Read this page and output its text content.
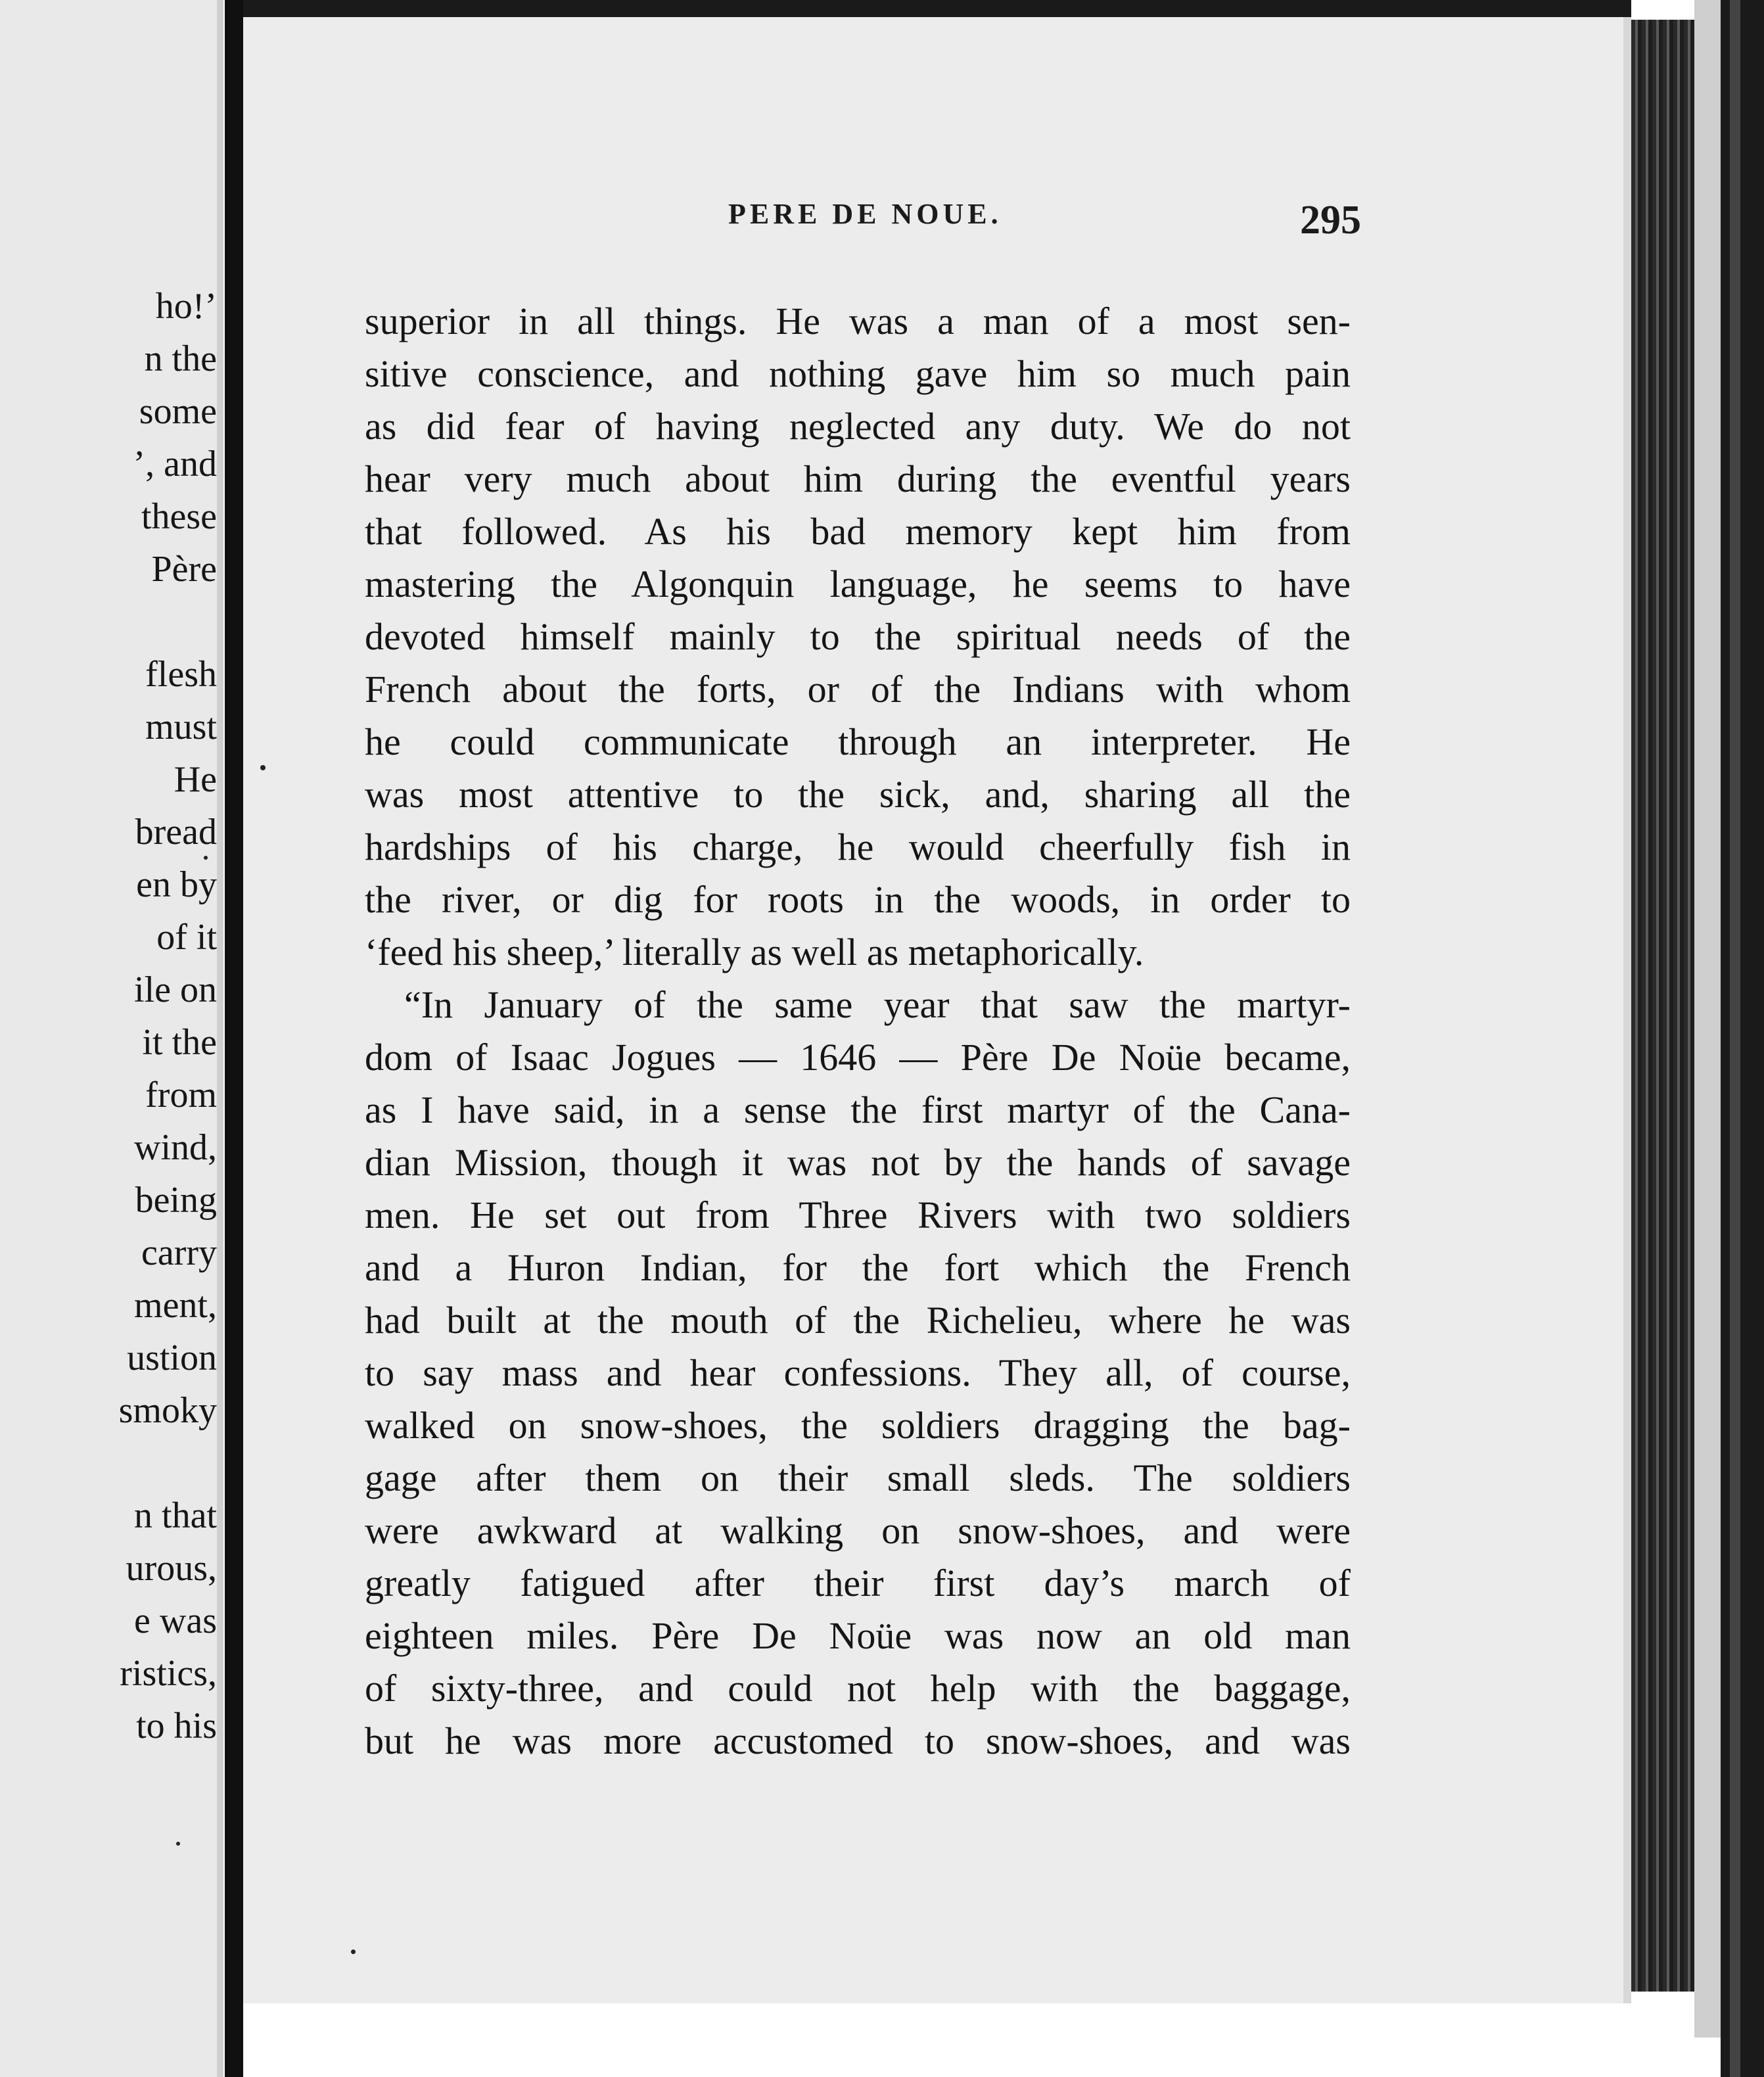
ho!’
n the
some
’, and
these
Père
flesh
must
He
bread
en by
of it
ile on
it the
from
wind,
being
carry
ment,
ustion
smoky
n that
urous,
e was
ristics,
to his
PERE DE NOUE.	295
superior in all things. He was a man of a most sen-
sitive conscience, and nothing gave him so much pain
as did fear of having neglected any duty. We do not
hear very much about him during the eventful years
that followed. As his bad memory kept him from
mastering the Algonquin language, he seems to have
devoted himself mainly to the spiritual needs of the
French about the forts, or of the Indians with whom
he could communicate through an interpreter. He
was most attentive to the sick, and, sharing all the
hardships of his charge, he would cheerfully fish in
the river, or dig for roots in the woods, in order to
‘feed his sheep,’ literally as well as metaphorically.
“In January of the same year that saw the martyr-
dom of Isaac Jogues — 1646 — Père De Noüe became,
as I have said, in a sense the first martyr of the Cana-
dian Mission, though it was not by the hands of savage
men. He set out from Three Rivers with two soldiers
and a Huron Indian, for the fort which the French
had built at the mouth of the Richelieu, where he was
to say mass and hear confessions. They all, of course,
walked on snow-shoes, the soldiers dragging the bag-
gage after them on their small sleds. The soldiers
were awkward at walking on snow-shoes, and were
greatly fatigued after their first day’s march of
eighteen miles. Père De Noüe was now an old man
of sixty-three, and could not help with the baggage,
but he was more accustomed to snow-shoes, and was
